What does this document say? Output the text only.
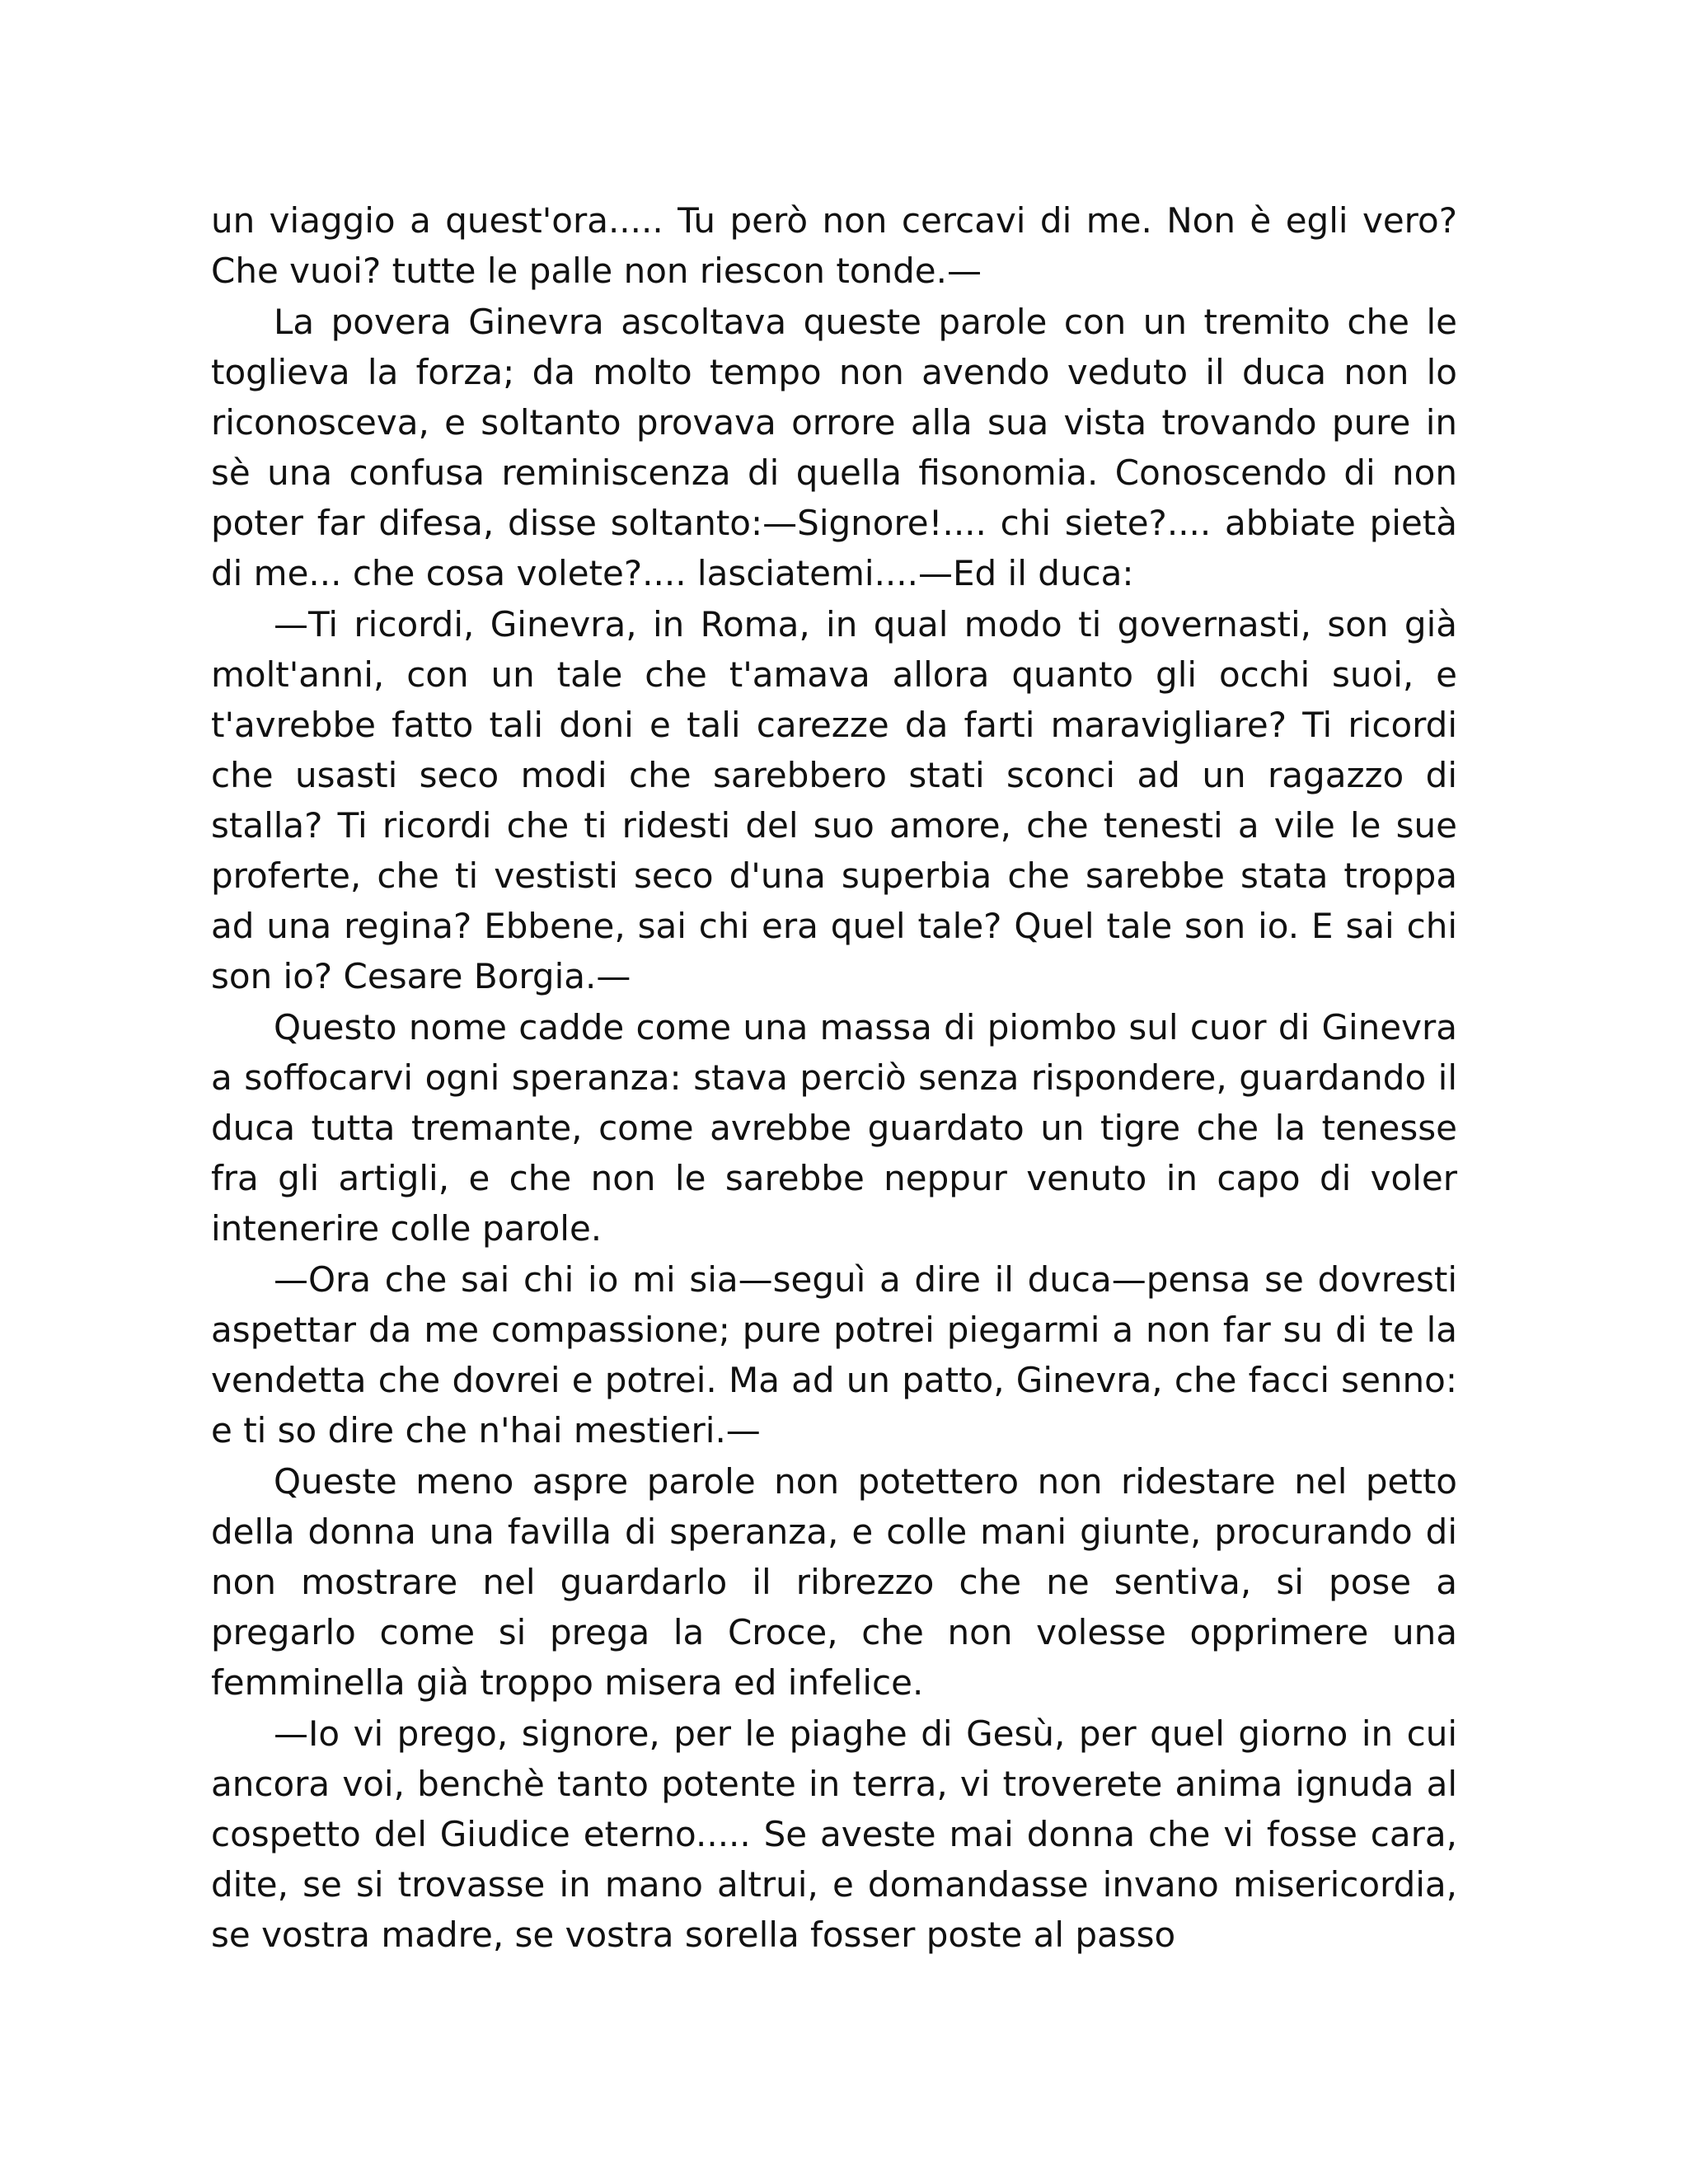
un viaggio a quest'ora..... Tu però non cercavi di me. Non è egli vero? Che vuoi? tutte le palle non riescon tonde.—

La povera Ginevra ascoltava queste parole con un tremito che le toglieva la forza; da molto tempo non avendo veduto il duca non lo riconosceva, e soltanto provava orrore alla sua vista trovando pure in sè una confusa reminiscenza di quella fisonomia. Conoscendo di non poter far difesa, disse soltanto:—Signore!.... chi siete?.... abbiate pietà di me... che cosa volete?.... lasciatemi....—Ed il duca:

—Ti ricordi, Ginevra, in Roma, in qual modo ti governasti, son già molt'anni, con un tale che t'amava allora quanto gli occhi suoi, e t'avrebbe fatto tali doni e tali carezze da farti maravigliare? Ti ricordi che usasti seco modi che sarebbero stati sconci ad un ragazzo di stalla? Ti ricordi che ti ridesti del suo amore, che tenesti a vile le sue proferte, che ti vestisti seco d'una superbia che sarebbe stata troppa ad una regina? Ebbene, sai chi era quel tale? Quel tale son io. E sai chi son io? Cesare Borgia.—

Questo nome cadde come una massa di piombo sul cuor di Ginevra a soffocarvi ogni speranza: stava perciò senza rispondere, guardando il duca tutta tremante, come avrebbe guardato un tigre che la tenesse fra gli artigli, e che non le sarebbe neppur venuto in capo di voler intenerire colle parole.

—Ora che sai chi io mi sia—seguì a dire il duca—pensa se dovresti aspettar da me compassione; pure potrei piegarmi a non far su di te la vendetta che dovrei e potrei. Ma ad un patto, Ginevra, che facci senno: e ti so dire che n'hai mestieri.—

Queste meno aspre parole non potettero non ridestare nel petto della donna una favilla di speranza, e colle mani giunte, procurando di non mostrare nel guardarlo il ribrezzo che ne sentiva, si pose a pregarlo come si prega la Croce, che non volesse opprimere una femminella già troppo misera ed infelice.

—Io vi prego, signore, per le piaghe di Gesù, per quel giorno in cui ancora voi, benchè tanto potente in terra, vi troverete anima ignuda al cospetto del Giudice eterno..... Se aveste mai donna che vi fosse cara, dite, se si trovasse in mano altrui, e domandasse invano misericordia, se vostra madre, se vostra sorella fosser poste al passo
